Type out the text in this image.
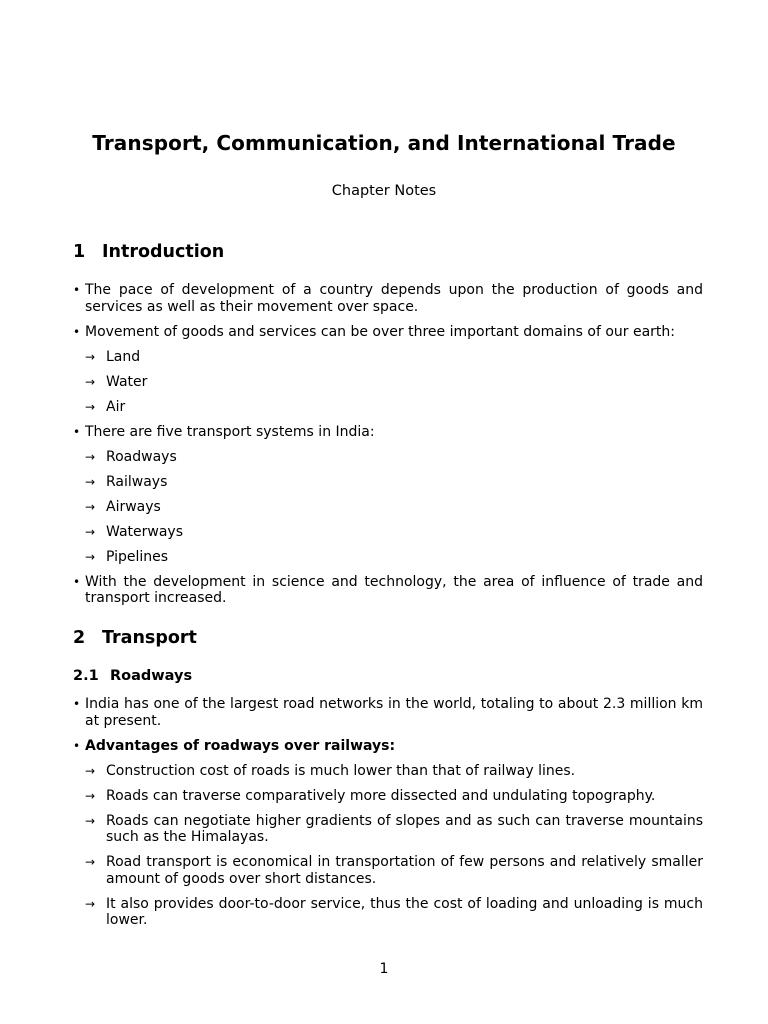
Transport, Communication, and International Trade
Chapter Notes
1 Introduction
• The pace of development of a country depends upon the production of goods and services as well as their movement over space.
• Movement of goods and services can be over three important domains of our earth:
→ Land
→ Water
→ Air
• There are five transport systems in India:
→ Roadways
→ Railways
→ Airways
→ Waterways
→ Pipelines
• With the development in science and technology, the area of influence of trade and transport increased.
2 Transport
2.1 Roadways
• India has one of the largest road networks in the world, totaling to about 2.3 million km at present.
• Advantages of roadways over railways:
→ Construction cost of roads is much lower than that of railway lines.
→ Roads can traverse comparatively more dissected and undulating topography.
→ Roads can negotiate higher gradients of slopes and as such can traverse mountains such as the Himalayas.
→ Road transport is economical in transportation of few persons and relatively smaller amount of goods over short distances.
→ It also provides door-to-door service, thus the cost of loading and unloading is much lower.
1
